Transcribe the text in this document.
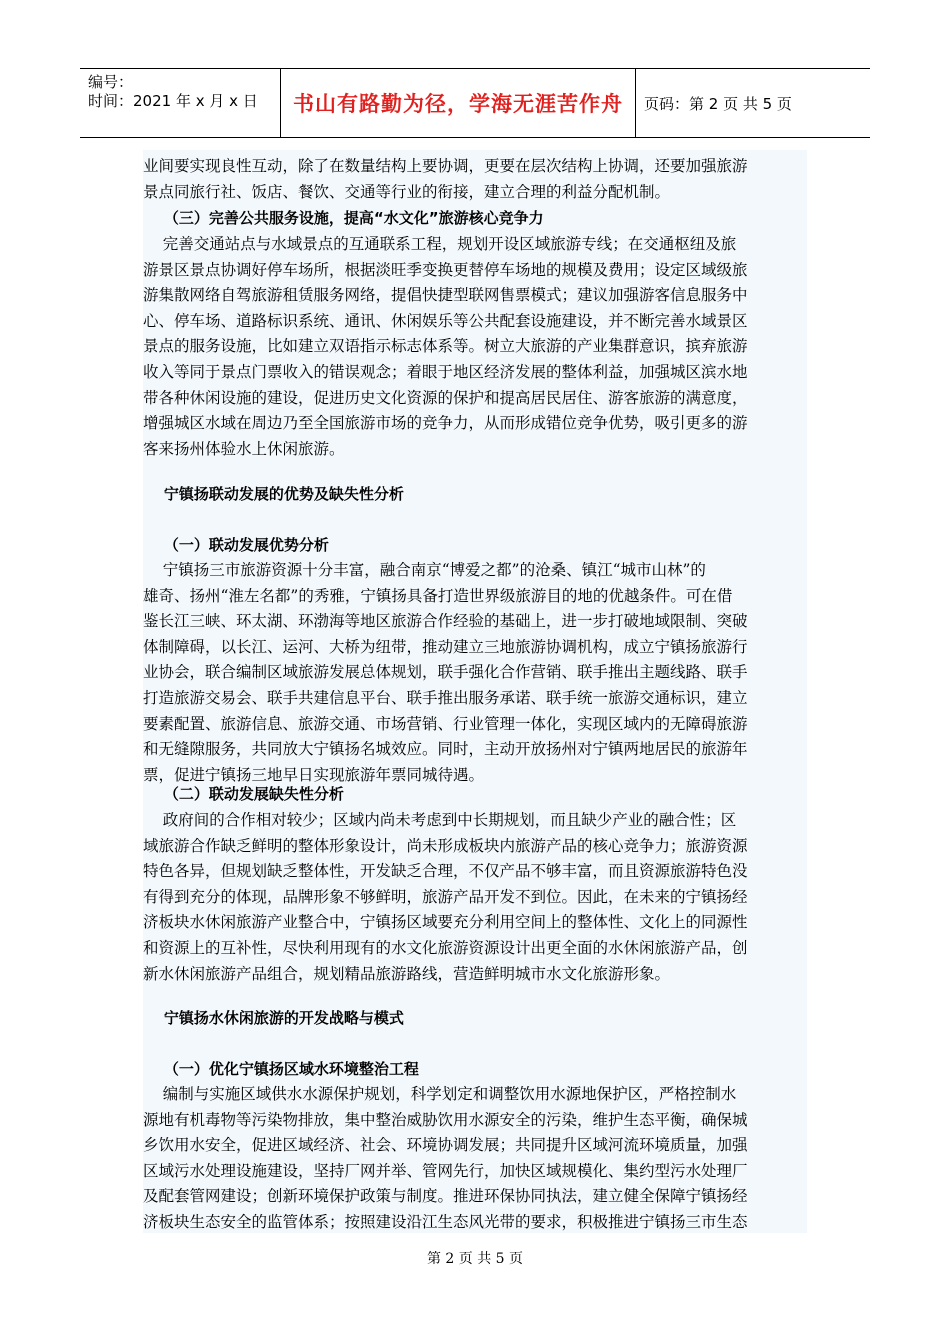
编号：
时间：2021 年 x 月 x 日	书山有路勤为径，学海无涯苦作舟	页码：第 2 页 共 5 页

业间要实现良性互动，除了在数量结构上要协调，更要在层次结构上协调，还要加强旅游
景点同旅行社、饭店、餐饮、交通等行业的衔接，建立合理的利益分配机制。

（三）完善公共服务设施，提高“水文化”旅游核心竞争力

完善交通站点与水域景点的互通联系工程，规划开设区域旅游专线；在交通枢纽及旅
游景区景点协调好停车场所，根据淡旺季变换更替停车场地的规模及费用；设定区域级旅
游集散网络自驾旅游租赁服务网络，提倡快捷型联网售票模式；建议加强游客信息服务中
心、停车场、道路标识系统、通讯、休闲娱乐等公共配套设施建设，并不断完善水域景区
景点的服务设施，比如建立双语指示标志体系等。树立大旅游的产业集群意识，摈弃旅游
收入等同于景点门票收入的错误观念；着眼于地区经济发展的整体利益，加强城区滨水地
带各种休闲设施的建设，促进历史文化资源的保护和提高居民居住、游客旅游的满意度，
增强城区水域在周边乃至全国旅游市场的竞争力，从而形成错位竞争优势，吸引更多的游
客来扬州体验水上休闲旅游。

宁镇扬联动发展的优势及缺失性分析

（一）联动发展优势分析

宁镇扬三市旅游资源十分丰富，融合南京“博爱之都”的沧桑、镇江“城市山林”的
雄奇、扬州“淮左名都”的秀雅，宁镇扬具备打造世界级旅游目的地的优越条件。可在借
鉴长江三峡、环太湖、环渤海等地区旅游合作经验的基础上，进一步打破地域限制、突破
体制障碍，以长江、运河、大桥为纽带，推动建立三地旅游协调机构，成立宁镇扬旅游行
业协会，联合编制区域旅游发展总体规划，联手强化合作营销、联手推出主题线路、联手
打造旅游交易会、联手共建信息平台、联手推出服务承诺、联手统一旅游交通标识，建立
要素配置、旅游信息、旅游交通、市场营销、行业管理一体化，实现区域内的无障碍旅游
和无缝隙服务，共同放大宁镇扬名城效应。同时，主动开放扬州对宁镇两地居民的旅游年
票，促进宁镇扬三地早日实现旅游年票同城待遇。

（二）联动发展缺失性分析

政府间的合作相对较少；区域内尚未考虑到中长期规划，而且缺少产业的融合性；区
域旅游合作缺乏鲜明的整体形象设计，尚未形成板块内旅游产品的核心竞争力；旅游资源
特色各异，但规划缺乏整体性，开发缺乏合理，不仅产品不够丰富，而且资源旅游特色没
有得到充分的体现，品牌形象不够鲜明，旅游产品开发不到位。因此，在未来的宁镇扬经
济板块水休闲旅游产业整合中，宁镇扬区域要充分利用空间上的整体性、文化上的同源性
和资源上的互补性，尽快利用现有的水文化旅游资源设计出更全面的水休闲旅游产品，创
新水休闲旅游产品组合，规划精品旅游路线，营造鲜明城市水文化旅游形象。

宁镇扬水休闲旅游的开发战略与模式

（一）优化宁镇扬区域水环境整治工程

编制与实施区域供水水源保护规划，科学划定和调整饮用水源地保护区，严格控制水
源地有机毒物等污染物排放，集中整治威胁饮用水源安全的污染，维护生态平衡，确保城
乡饮用水安全，促进区域经济、社会、环境协调发展；共同提升区域河流环境质量，加强
区域污水处理设施建设，坚持厂网并举、管网先行，加快区域规模化、集约型污水处理厂
及配套管网建设；创新环境保护政策与制度。推进环保协同执法，建立健全保障宁镇扬经
济板块生态安全的监管体系；按照建设沿江生态风光带的要求，积极推进宁镇扬三市生态

第 2 页 共 5 页
